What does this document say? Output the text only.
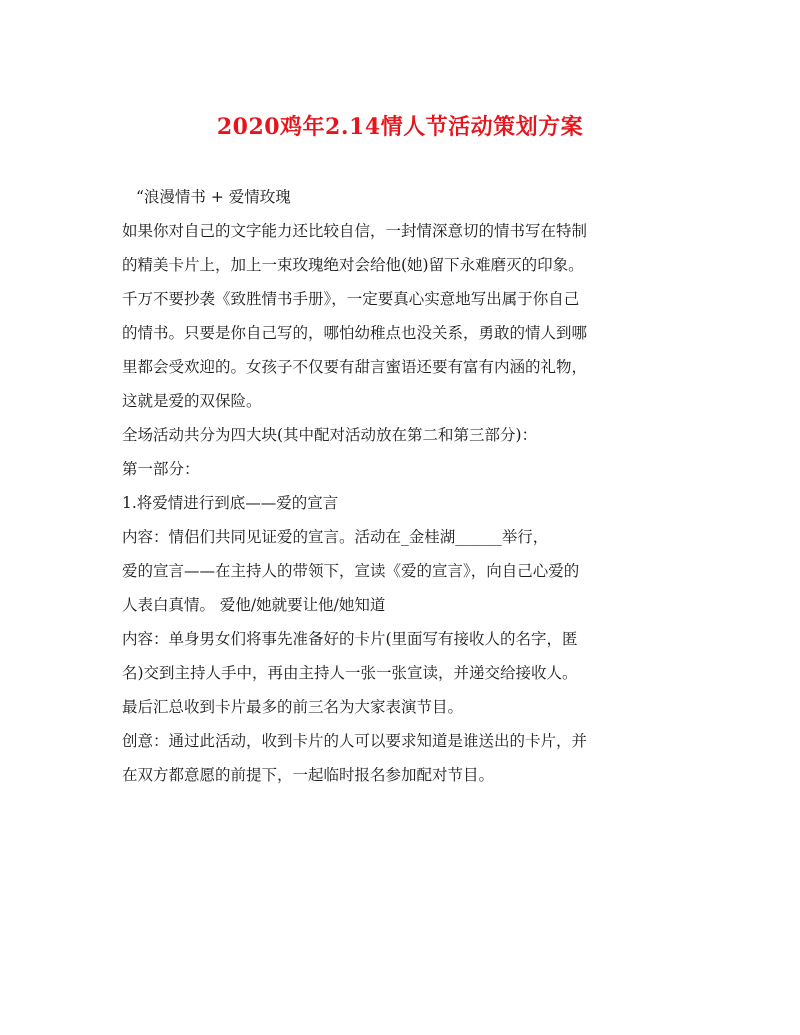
2020鸡年2.14情人节活动策划方案
“浪漫情书 + 爱情玫瑰
如果你对自己的文字能力还比较自信，一封情深意切的情书写在特制
的精美卡片上，加上一束玫瑰绝对会给他(她)留下永难磨灭的印象。
千万不要抄袭《致胜情书手册》，一定要真心实意地写出属于你自己
的情书。只要是你自己写的，哪怕幼稚点也没关系，勇敢的情人到哪
里都会受欢迎的。女孩子不仅要有甜言蜜语还要有富有内涵的礼物，
这就是爱的双保险。
全场活动共分为四大块(其中配对活动放在第二和第三部分)：
第一部分：
1.将爱情进行到底——爱的宣言
内容：情侣们共同见证爱的宣言。活动在_金桂湖______举行，
爱的宣言——在主持人的带领下，宣读《爱的宣言》，向自己心爱的
人表白真情。 爱他/她就要让他/她知道
内容：单身男女们将事先准备好的卡片(里面写有接收人的名字，匿
名)交到主持人手中，再由主持人一张一张宣读，并递交给接收人。
最后汇总收到卡片最多的前三名为大家表演节目。
创意：通过此活动，收到卡片的人可以要求知道是谁送出的卡片，并
在双方都意愿的前提下，一起临时报名参加配对节目。
